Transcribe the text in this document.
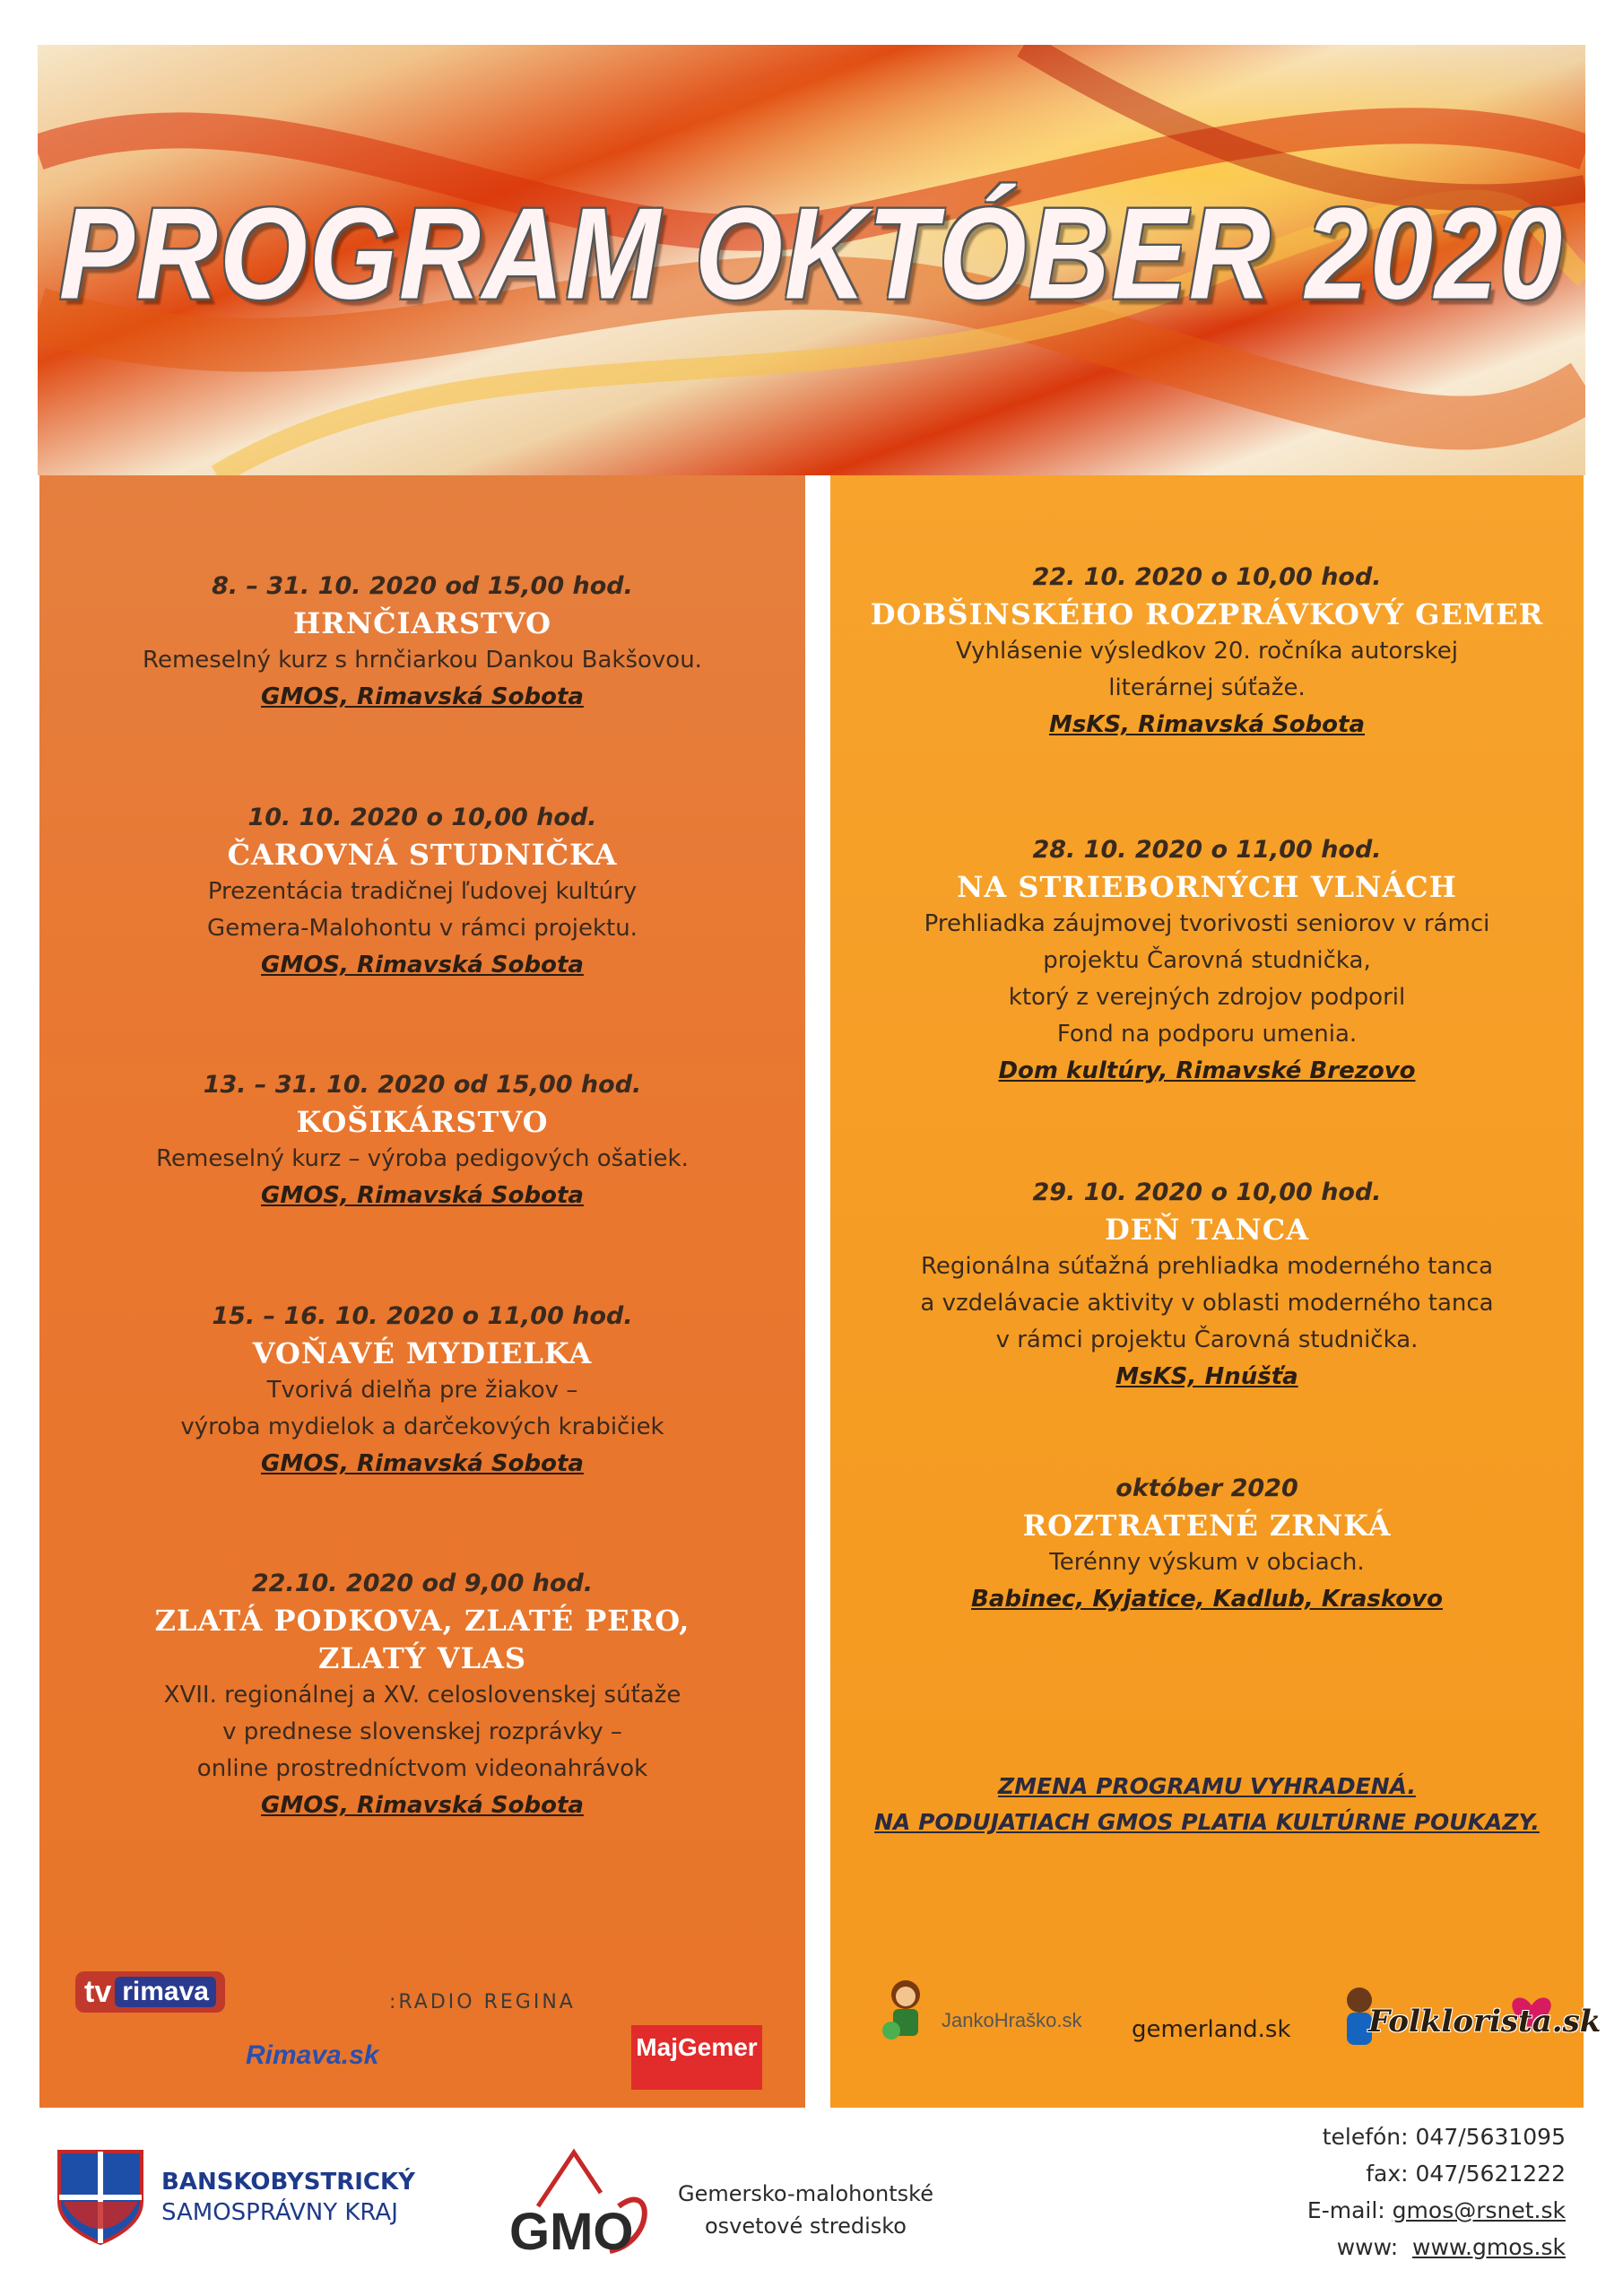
PROGRAM OKTÓBER 2020

8. – 31. 10. 2020 od 15,00 hod.

HRNČIARSTVO

Remeselný kurz s hrnčiarkou Dankou Bakšovou.

GMOS, Rimavská Sobota

10. 10. 2020 o 10,00 hod.

ČAROVNÁ STUDNIČKA

Prezentácia tradičnej ľudovej kultúry

Gemera-Malohontu v rámci projektu.

GMOS, Rimavská Sobota

13. – 31. 10. 2020 od 15,00 hod.

KOŠIKÁRSTVO

Remeselný kurz – výroba pedigových ošatiek.

GMOS, Rimavská Sobota

15. – 16. 10. 2020 o 11,00 hod.

VOŇAVÉ MYDIELKA

Tvorivá dielňa pre žiakov –

výroba mydielok a darčekových krabičiek

GMOS, Rimavská Sobota

22.10. 2020 od 9,00 hod.

ZLATÁ PODKOVA, ZLATÉ PERO,

ZLATÝ VLAS

XVII. regionálnej a XV. celoslovenskej súťaže

v prednese slovenskej rozprávky –

online prostredníctvom videonahrávok

GMOS, Rimavská Sobota

tv rimava	:RADIO REGINA
Rimava.sk	MajGemer

22. 10. 2020 o 10,00 hod.

DOBŠINSKÉHO ROZPRÁVKOVÝ GEMER

Vyhlásenie výsledkov 20. ročníka autorskej

literárnej súťaže.

MsKS, Rimavská Sobota

28. 10. 2020 o 11,00 hod.

NA STRIEBORNÝCH VLNÁCH

Prehliadka záujmovej tvorivosti seniorov v rámci

projektu Čarovná studnička,

ktorý z verejných zdrojov podporil

Fond na podporu umenia.

Dom kultúry, Rimavské Brezovo

29. 10. 2020 o 10,00 hod.

DEŇ TANCA

Regionálna súťažná prehliadka moderného tanca

a vzdelávacie aktivity v oblasti moderného tanca

v rámci projektu Čarovná studnička.

MsKS, Hnúšťa

október 2020

ROZTRATENÉ ZRNKÁ

Terénny výskum v obciach.

Babinec, Kyjatice, Kadlub, Kraskovo

ZMENA PROGRAMU VYHRADENÁ.
NA PODUJATIACH GMOS PLATIA KULTÚRNE POUKAZY.
JankoHraško.sk gemerland.sk	Folklorista.sk
BANSKOBYSTRICKÝ
SAMOSPRÁVNY KRAJ	GMO
Gemersko-malohontské
osvetové stredisko
telefón: 047/5631095
fax: 047/5621222
E-mail: gmos@rsnet.sk
www:  www.gmos.sk
